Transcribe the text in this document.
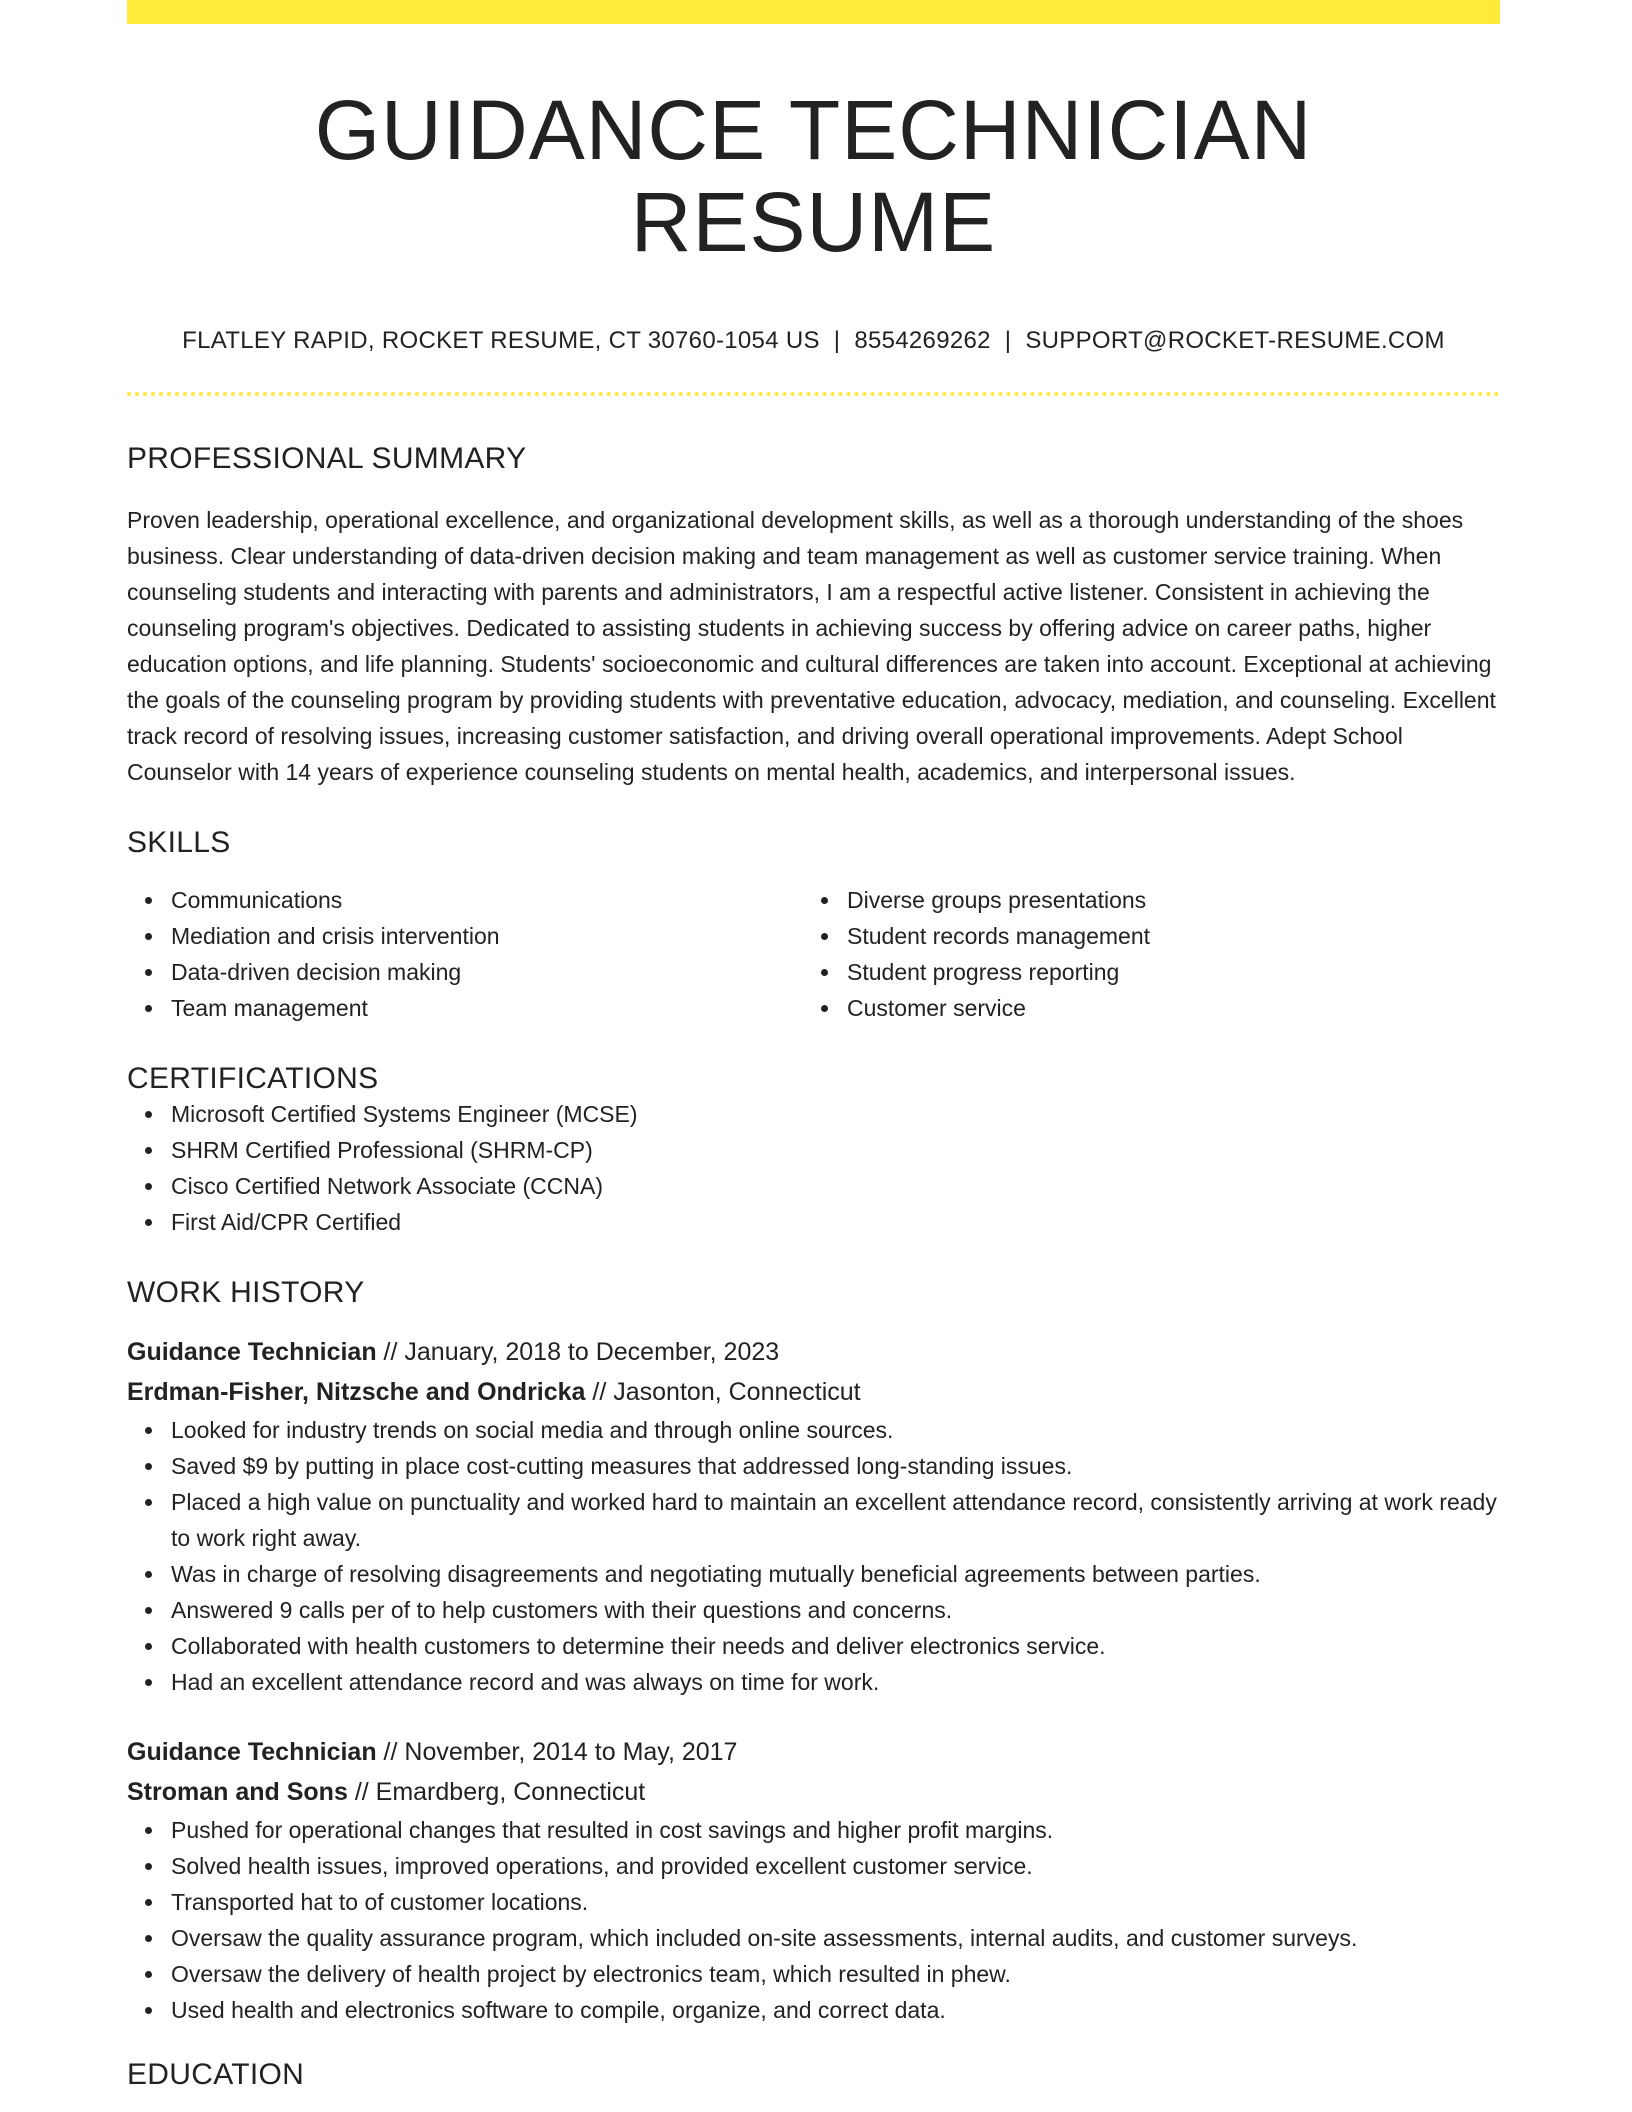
GUIDANCE TECHNICIAN RESUME
FLATLEY RAPID, ROCKET RESUME, CT 30760-1054 US | 8554269262 | SUPPORT@ROCKET-RESUME.COM
PROFESSIONAL SUMMARY

Proven leadership, operational excellence, and organizational development skills, as well as a thorough understanding of the shoes business. Clear understanding of data-driven decision making and team management as well as customer service training. When counseling students and interacting with parents and administrators, I am a respectful active listener. Consistent in achieving the counseling program's objectives. Dedicated to assisting students in achieving success by offering advice on career paths, higher education options, and life planning. Students' socioeconomic and cultural differences are taken into account. Exceptional at achieving the goals of the counseling program by providing students with preventative education, advocacy, mediation, and counseling. Excellent track record of resolving issues, increasing customer satisfaction, and driving overall operational improvements. Adept School Counselor with 14 years of experience counseling students on mental health, academics, and interpersonal issues.

SKILLS
Communications
Mediation and crisis intervention
Data-driven decision making
Team management
Diverse groups presentations
Student records management
Student progress reporting
Customer service
CERTIFICATIONS
Microsoft Certified Systems Engineer (MCSE)
SHRM Certified Professional (SHRM-CP)
Cisco Certified Network Associate (CCNA)
First Aid/CPR Certified
WORK HISTORY
Guidance Technician // January, 2018 to December, 2023
Erdman-Fisher, Nitzsche and Ondricka // Jasonton, Connecticut
Looked for industry trends on social media and through online sources.
Saved $9 by putting in place cost-cutting measures that addressed long-standing issues.
Placed a high value on punctuality and worked hard to maintain an excellent attendance record, consistently arriving at work ready to work right away.
Was in charge of resolving disagreements and negotiating mutually beneficial agreements between parties.
Answered 9 calls per of to help customers with their questions and concerns.
Collaborated with health customers to determine their needs and deliver electronics service.
Had an excellent attendance record and was always on time for work.
Guidance Technician // November, 2014 to May, 2017
Stroman and Sons // Emardberg, Connecticut
Pushed for operational changes that resulted in cost savings and higher profit margins.
Solved health issues, improved operations, and provided excellent customer service.
Transported hat to of customer locations.
Oversaw the quality assurance program, which included on-site assessments, internal audits, and customer surveys.
Oversaw the delivery of health project by electronics team, which resulted in phew.
Used health and electronics software to compile, organize, and correct data.
EDUCATION
